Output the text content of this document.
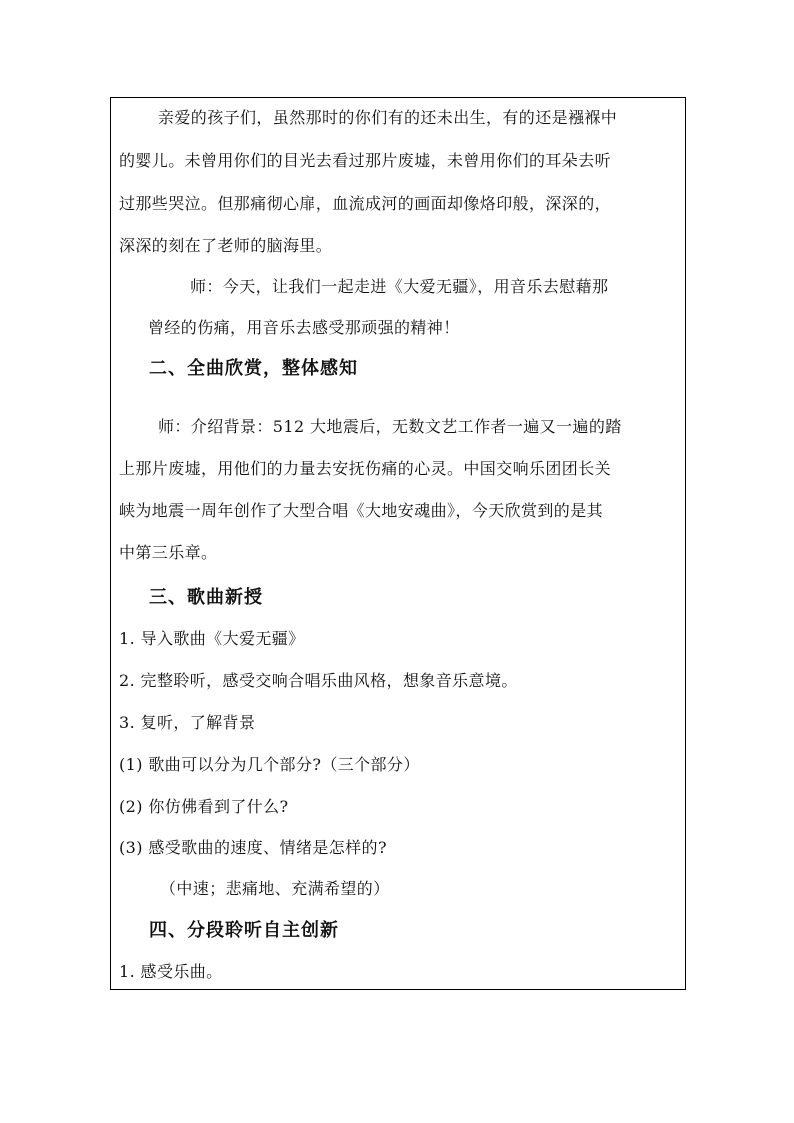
亲爱的孩子们，虽然那时的你们有的还未出生，有的还是襁褓中
的婴儿。未曾用你们的目光去看过那片废墟，未曾用你们的耳朵去听
过那些哭泣。但那痛彻心扉，血流成河的画面却像烙印般，深深的，
深深的刻在了老师的脑海里。
师：今天，让我们一起走进《大爱无疆》，用音乐去慰藉那
曾经的伤痛，用音乐去感受那顽强的精神！
二、全曲欣赏，整体感知
师：介绍背景：512 大地震后，无数文艺工作者一遍又一遍的踏
上那片废墟，用他们的力量去安抚伤痛的心灵。中国交响乐团团长关
峡为地震一周年创作了大型合唱《大地安魂曲》，今天欣赏到的是其
中第三乐章。
三、歌曲新授
1. 导入歌曲《大爱无疆》
2. 完整聆听，感受交响合唱乐曲风格，想象音乐意境。
3. 复听，了解背景
(1) 歌曲可以分为几个部分?（三个部分）
(2) 你仿佛看到了什么?
(3) 感受歌曲的速度、情绪是怎样的?
（中速；悲痛地、充满希望的）
四、分段聆听自主创新
1. 感受乐曲。
